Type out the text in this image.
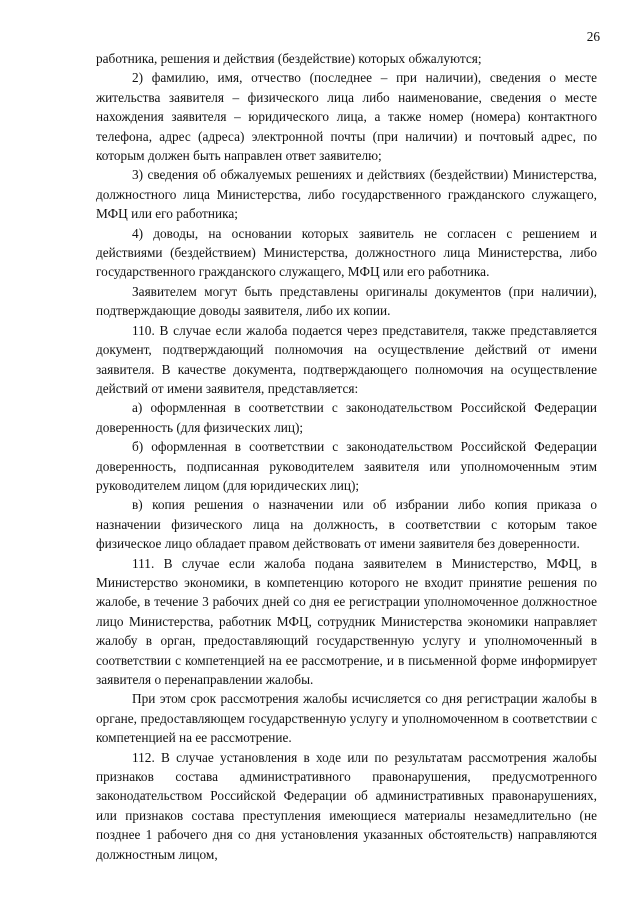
26

работника, решения и действия (бездействие) которых обжалуются;

2) фамилию, имя, отчество (последнее – при наличии), сведения о месте жительства заявителя – физического лица либо наименование, сведения о месте нахождения заявителя – юридического лица, а также номер (номера) контактного телефона, адрес (адреса) электронной почты (при наличии) и почтовый адрес, по которым должен быть направлен ответ заявителю;

3) сведения об обжалуемых решениях и действиях (бездействии) Министерства, должностного лица Министерства, либо государственного гражданского служащего, МФЦ или его работника;

4) доводы, на основании которых заявитель не согласен с решением и действиями (бездействием) Министерства, должностного лица Министерства, либо государственного гражданского служащего, МФЦ или его работника.

Заявителем могут быть представлены оригиналы документов (при наличии), подтверждающие доводы заявителя, либо их копии.

110. В случае если жалоба подается через представителя, также представляется документ, подтверждающий полномочия на осуществление действий от имени заявителя. В качестве документа, подтверждающего полномочия на осуществление действий от имени заявителя, представляется:

а) оформленная в соответствии с законодательством Российской Федерации доверенность (для физических лиц);

б) оформленная в соответствии с законодательством Российской Федерации доверенность, подписанная руководителем заявителя или уполномоченным этим руководителем лицом (для юридических лиц);

в) копия решения о назначении или об избрании либо копия приказа о назначении физического лица на должность, в соответствии с которым такое физическое лицо обладает правом действовать от имени заявителя без доверенности.

111. В случае если жалоба подана заявителем в Министерство, МФЦ, в Министерство экономики, в компетенцию которого не входит принятие решения по жалобе, в течение 3 рабочих дней со дня ее регистрации уполномоченное должностное лицо Министерства, работник МФЦ, сотрудник Министерства экономики направляет жалобу в орган, предоставляющий государственную услугу и уполномоченный в соответствии с компетенцией на ее рассмотрение, и в письменной форме информирует заявителя о перенаправлении жалобы.

При этом срок рассмотрения жалобы исчисляется со дня регистрации жалобы в органе, предоставляющем государственную услугу и уполномоченном в соответствии с компетенцией на ее рассмотрение.

112. В случае установления в ходе или по результатам рассмотрения жалобы признаков состава административного правонарушения, предусмотренного законодательством Российской Федерации об административных правонарушениях, или признаков состава преступления имеющиеся материалы незамедлительно (не позднее 1 рабочего дня со дня установления указанных обстоятельств) направляются должностным лицом,
